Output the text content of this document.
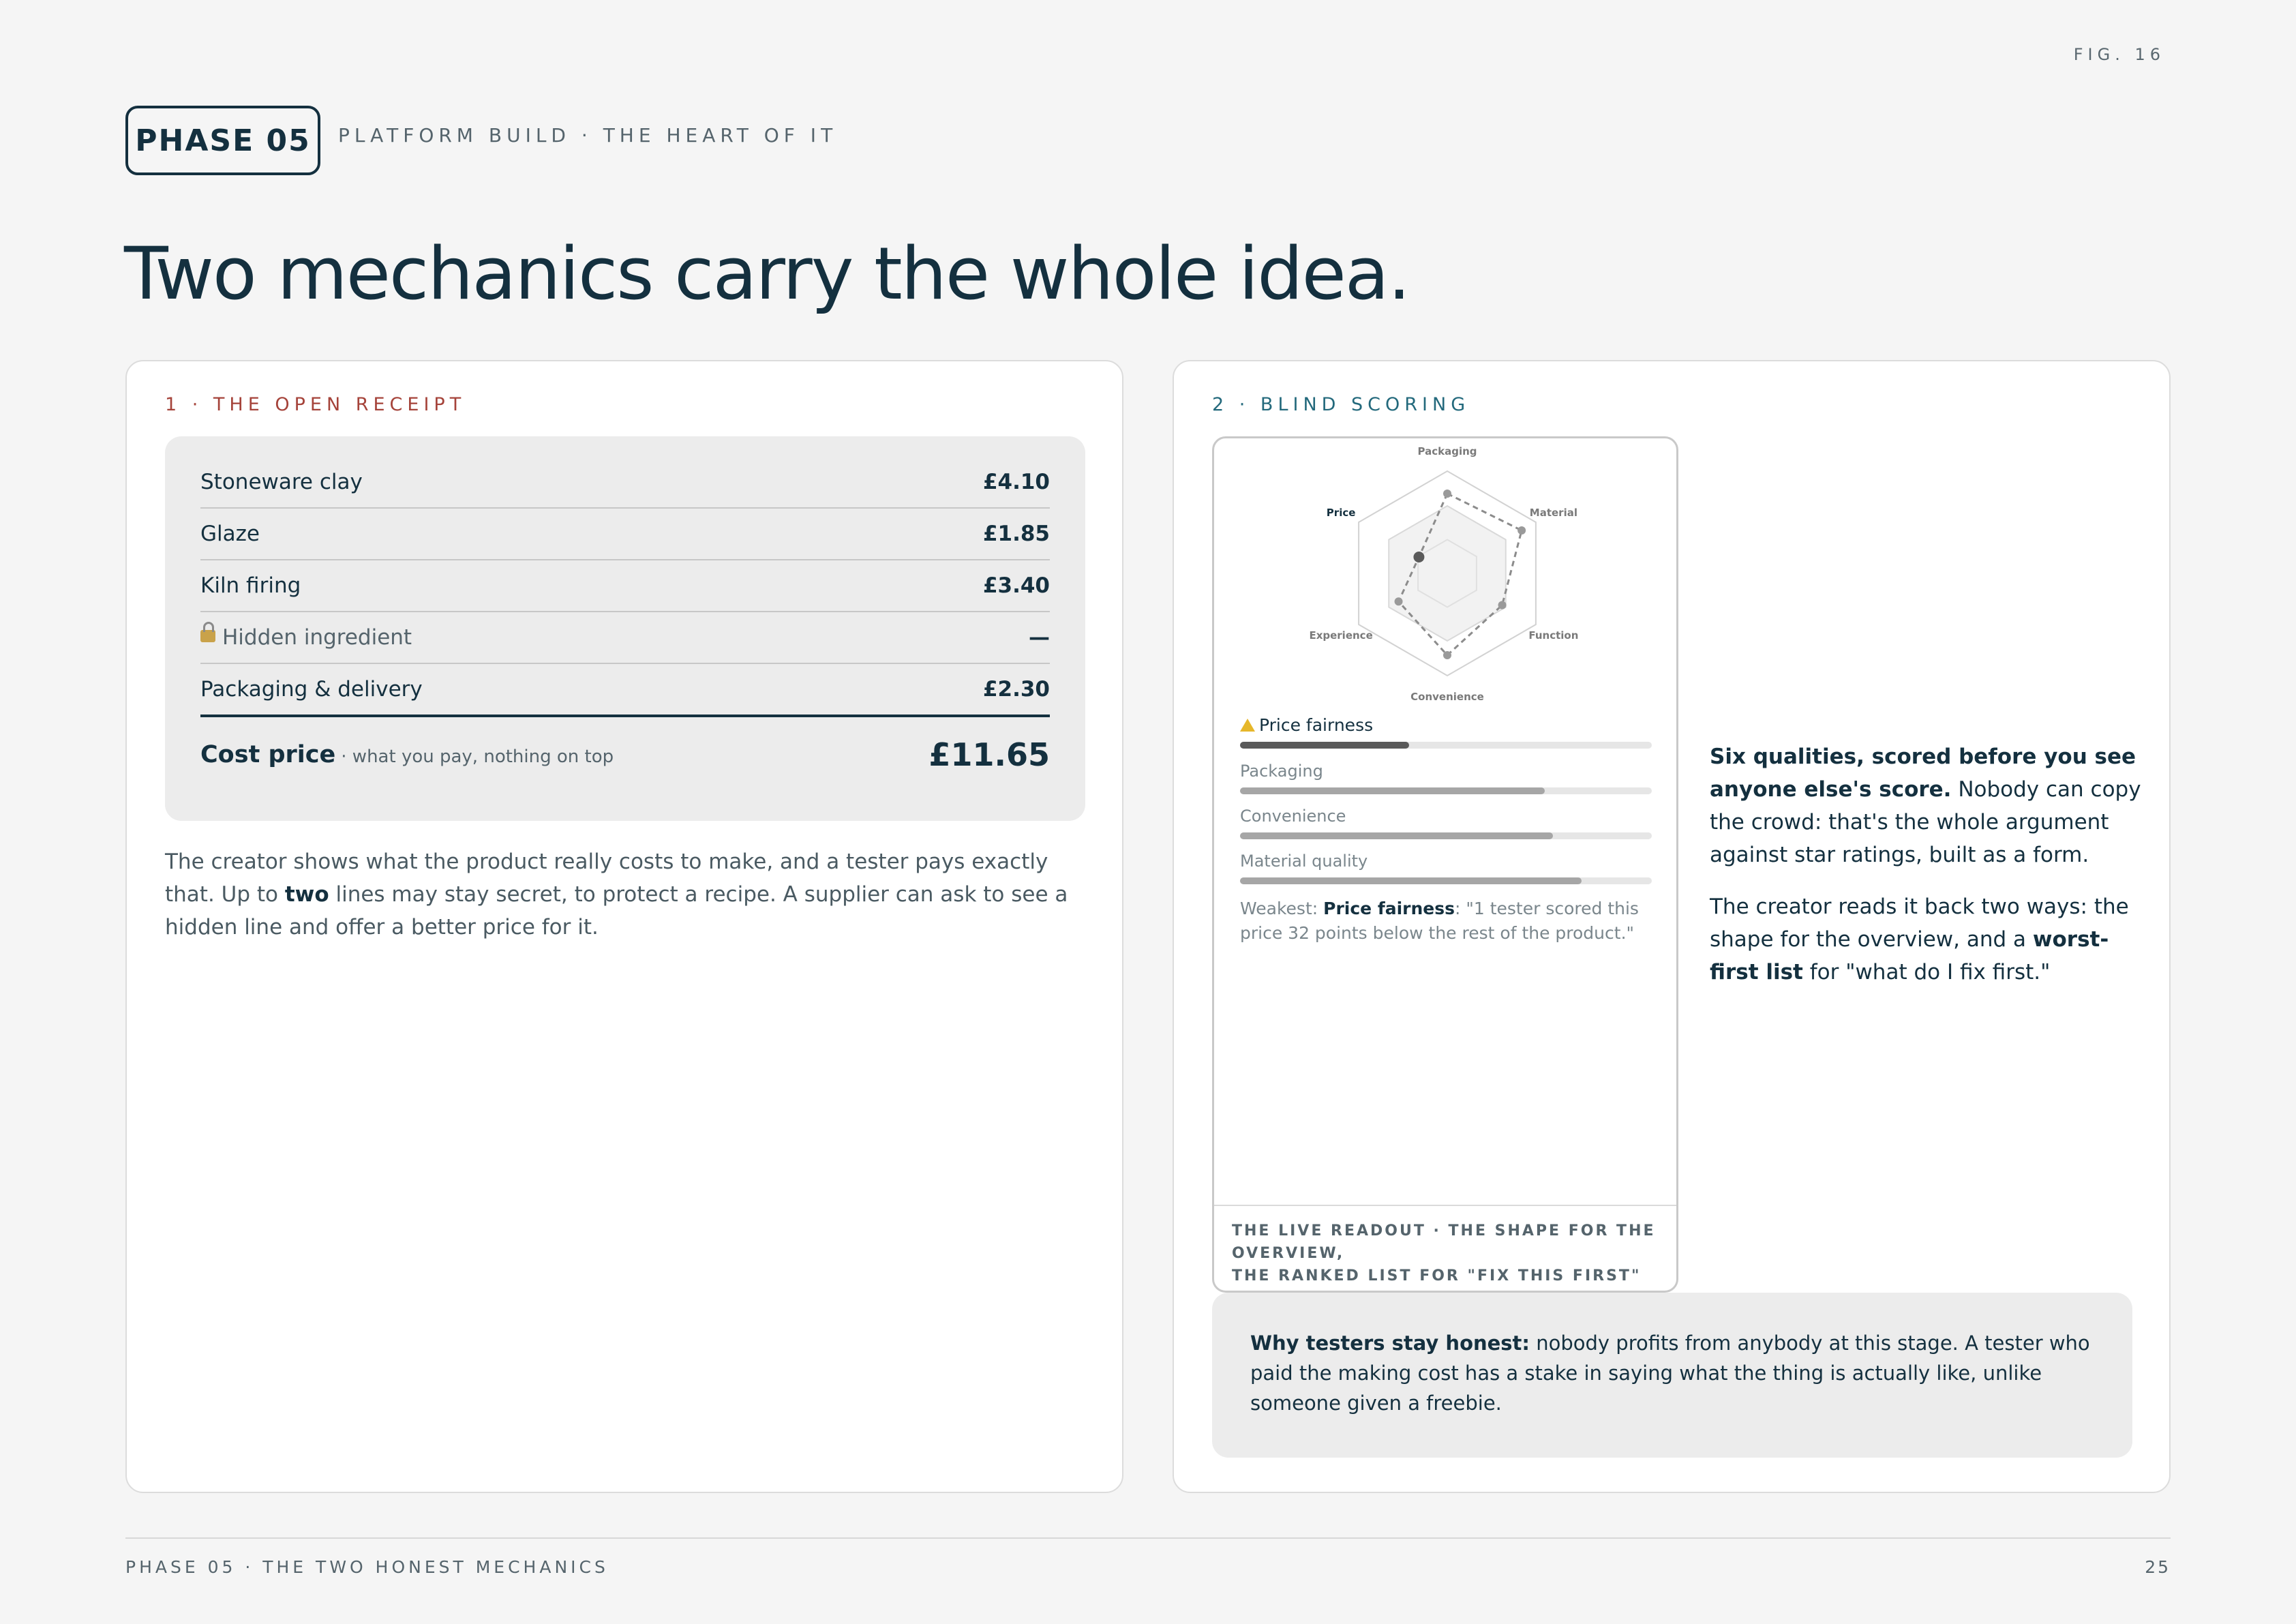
FIG. 16
PHASE 05	PLATFORM BUILD · THE HEART OF IT
Two mechanics carry the whole idea.
1 · THE OPEN RECEIPT
Stoneware clay	£4.10
Glaze	£1.85
Kiln firing	£3.40
Hidden ingredient	—
Packaging & delivery	£2.30
Cost price · what you pay, nothing on top	£11.65
The creator shows what the product really costs to make, and a tester pays exactly that. Up to two lines may stay secret, to protect a recipe. A supplier can ask to see a hidden line and offer a better price for it.
2 · BLIND SCORING
Packaging
Material
Function
Convenience
Experience
Price
Price fairness
Packaging
Convenience
Material quality
Weakest: Price fairness: "1 tester scored this price 32 points below the rest of the product."
THE LIVE READOUT · THE SHAPE FOR THE OVERVIEW,
THE RANKED LIST FOR "FIX THIS FIRST"

Six qualities, scored before you see anyone else's score. Nobody can copy the crowd: that's the whole argument against star ratings, built as a form.

The creator reads it back two ways: the shape for the overview, and a worst-first list for "what do I fix first."

Why testers stay honest: nobody profits from anybody at this stage. A tester who paid the making cost has a stake in saying what the thing is actually like, unlike someone given a freebie.
PHASE 05 · THE TWO HONEST MECHANICS	25
